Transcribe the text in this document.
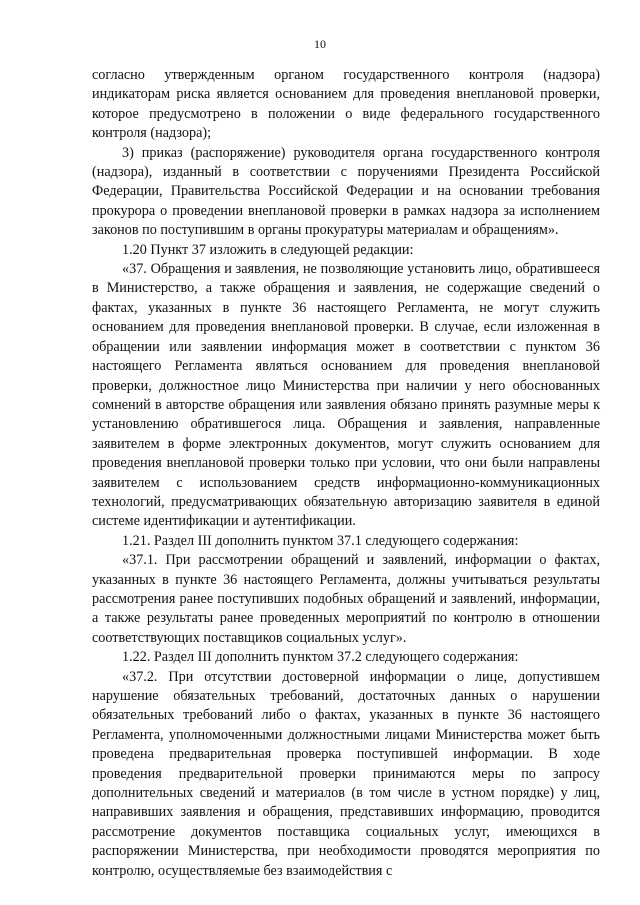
10

согласно утвержденным органом государственного контроля (надзора) индикаторам риска является основанием для проведения внеплановой проверки, которое предусмотрено в положении о виде федерального государственного контроля (надзора);

3) приказ (распоряжение) руководителя органа государственного контроля (надзора), изданный в соответствии с поручениями Президента Российской Федерации, Правительства Российской Федерации и на основании требования прокурора о проведении внеплановой проверки в рамках надзора за исполнением законов по поступившим в органы прокуратуры материалам и обращениям».

1.20 Пункт 37 изложить в следующей редакции:

«37. Обращения и заявления, не позволяющие установить лицо, обратившееся в Министерство, а также обращения и заявления, не содержащие сведений о фактах, указанных в пункте 36 настоящего Регламента, не могут служить основанием для проведения внеплановой проверки. В случае, если изложенная в обращении или заявлении информация может в соответствии с пунктом 36 настоящего Регламента являться основанием для проведения внеплановой проверки, должностное лицо Министерства при наличии у него обоснованных сомнений в авторстве обращения или заявления обязано принять разумные меры к установлению обратившегося лица. Обращения и заявления, направленные заявителем в форме электронных документов, могут служить основанием для проведения внеплановой проверки только при условии, что они были направлены заявителем с использованием средств информационно-коммуникационных технологий, предусматривающих обязательную авторизацию заявителя в единой системе идентификации и аутентификации.

1.21. Раздел III дополнить пунктом 37.1 следующего содержания:

«37.1. При рассмотрении обращений и заявлений, информации о фактах, указанных в пункте 36 настоящего Регламента, должны учитываться результаты рассмотрения ранее поступивших подобных обращений и заявлений, информации, а также результаты ранее проведенных мероприятий по контролю в отношении соответствующих поставщиков социальных услуг».

1.22. Раздел III дополнить пунктом 37.2 следующего содержания:

«37.2. При отсутствии достоверной информации о лице, допустившем нарушение обязательных требований, достаточных данных о нарушении обязательных требований либо о фактах, указанных в пункте 36 настоящего Регламента, уполномоченными должностными лицами Министерства может быть проведена предварительная проверка поступившей информации. В ходе проведения предварительной проверки принимаются меры по запросу дополнительных сведений и материалов (в том числе в устном порядке) у лиц, направивших заявления и обращения, представивших информацию, проводится рассмотрение документов поставщика социальных услуг, имеющихся в распоряжении Министерства, при необходимости проводятся мероприятия по контролю, осуществляемые без взаимодействия с
